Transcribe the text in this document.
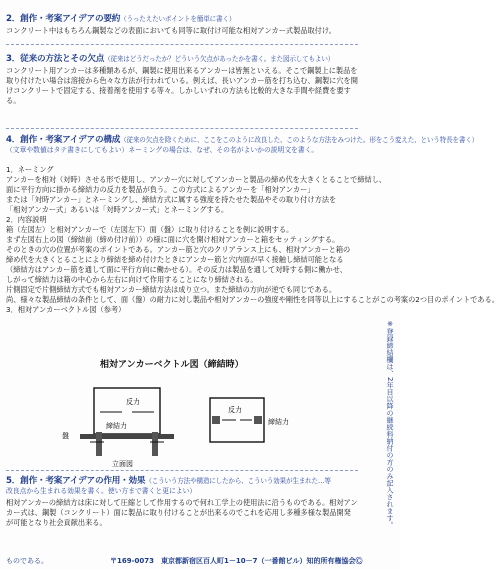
2．創作・考案アイデアの要約（うったえたいポイントを簡単に書く）
コンクリート中はもちろん鋼製などの表面においても同等に取付け可能な相対アンカー式製品取付け。
3．従来の方法とその欠点（従来はどうだったか？どういう欠点があったかを書く。また図示してもよい）
コンクリート用アンカーは多種類あるが、鋼製に使用出来るアンカーは皆無といえる。そこで鋼製上に製品を取り付けたい場合は溶接から色々な方法が行われている。例えば、長いアンカー筋を打ち込む、鋼製に穴を開けコンクリートで固定する、接着剤を使用する等々。しかしいずれの方法も比較的大きな手間や経費を要する。
4．創作・考案アイデアの構成（従来の欠点を除くために、ここをこのように改良した、このような方法をみつけた。形をこう変えた、という特長を書く）
（文章や数値はタテ書きにしてもよい）ネーミングの場合は、なぜ、その名がよいかの説明文を書く。
1．ネーミング
アンカーを相対（対時）させる形で使用し、アンカー穴に対してアンカーと製品の締め代を大きくとることで締結し、
面に平行方向に掛かる締結力の反力を製品が負う。この方式によるアンカーを「相対アンカー」
または「対時アンカー」とネーミングし、締結方式に属する強度を持たせた製品やその取り付け方法を
「相対アンカー式」あるいは「対時アンカー式」とネーミングする。
2．内容説明
箱（左図左）と相対アンカーで（左図左下）面（盤）に取り付けることを例に説明する。
まず左図右上の図（締結前（締め付け前））の様に面に穴を開け相対アンカーと箱をセッティングする。
そのときの穴の位置が考案のポイントである。アンカー筋と穴のクリアランス上にも、相対アンカーと箱の
締め代を大きくとることにより締結を締め付けたときにアンカー筋と穴内面が早く接触し締結可能となる
（締結方はアンカー筋を通して面に平行方向に働かせる）。その反力は製品を通して対時する側に働かせ、
しがって締結力は箱の中心から左右に向けて作用することになり締結される。
片側固定で片側締結方式でも相対アンカー締結方法は成り立つ。また締結の方向が逆でも同じである。
尚、様々な製品締結の条件として、面（盤）の耐力に対し製品や相対アンカーの強度や剛性を同等以上にすることがこの考案の2つ目のポイントである。
3．相対アンカーベクトル図（参考）
相対アンカーベクトル図（締結時）
反力
締結力
盤
立面図
反力
締結力
5．創作・考案アイデアの作用・効果（こういう方法や構造にしたから、こういう効果が生まれた…等
改良点から生まれる効果を書く。使い方まで書くと更によい）
相対アンカーの締結方は床に対して圧縮として作用するので何れ工学上の使用法に沿うものである。相対アンカー式は、鋼製（コンクリート）面に製品に取り付けることが出来るのでこれを応用し多種多様な製品開発が可能となり社会貢献出来る。	※登録締結欄は、2年目以降の継続料納付の方のみ記入されます。
ものである。	〒169-0073　東京都新宿区百人町1－10－7（一番館ビル）知的所有権協会Ⓒ
